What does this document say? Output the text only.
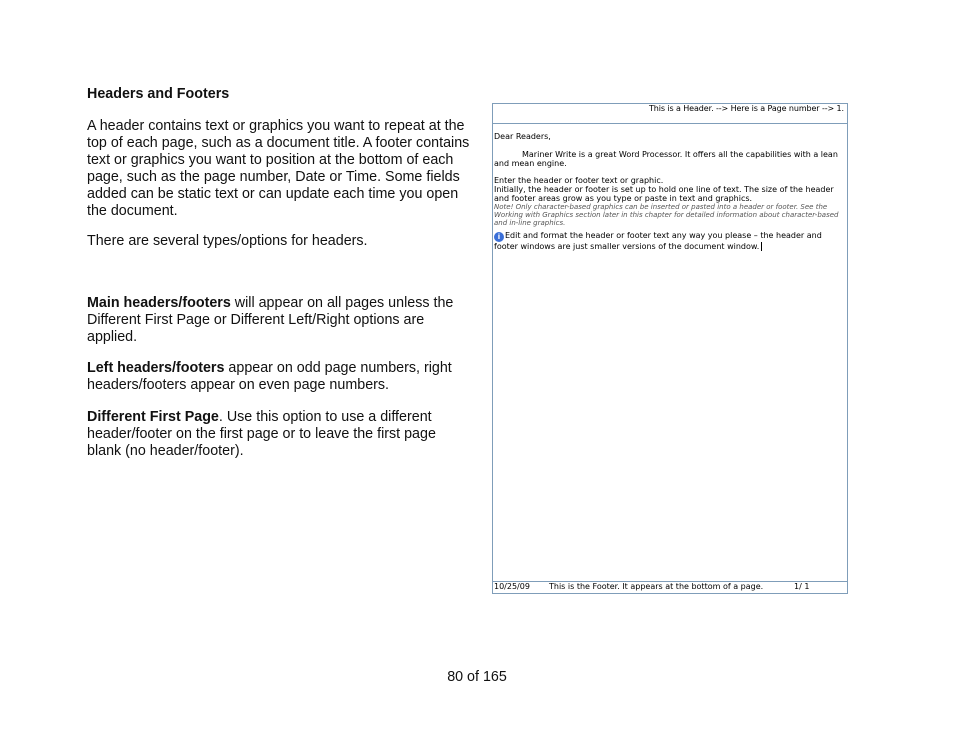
Headers and Footers

A header contains text or graphics you want to repeat at the top of each page, such as a document title. A footer contains text or graphics you want to position at the bottom of each page, such as the page number, Date or Time. Some fields added can be static text or can update each time you open the document.

There are several types/options for headers.

Main headers/footers will appear on all pages unless the Different First Page or Different Left/Right options are applied.

Left headers/footers appear on odd page numbers, right headers/footers appear on even page numbers.

Different First Page. Use this option to use a different header/footer on the first page or to leave the first page blank (no header/footer).

This is a Header. --> Here is a Page number --> 1.

Dear Readers,

Mariner Write is a great Word Processor. It offers all the capabilities with a lean and mean engine.

Enter the header or footer text or graphic.

Initially, the header or footer is set up to hold one line of text. The size of the header and footer areas grow as you type or paste in text and graphics.

Note! Only character-based graphics can be inserted or pasted into a header or footer. See the Working with Graphics section later in this chapter for detailed information about character-based and in-line graphics.

i Edit and format the header or footer text any way you please – the header and footer windows are just smaller versions of the document window.

10/25/09 This is the Footer. It appears at the bottom of a page.	1/ 1
80 of 165
